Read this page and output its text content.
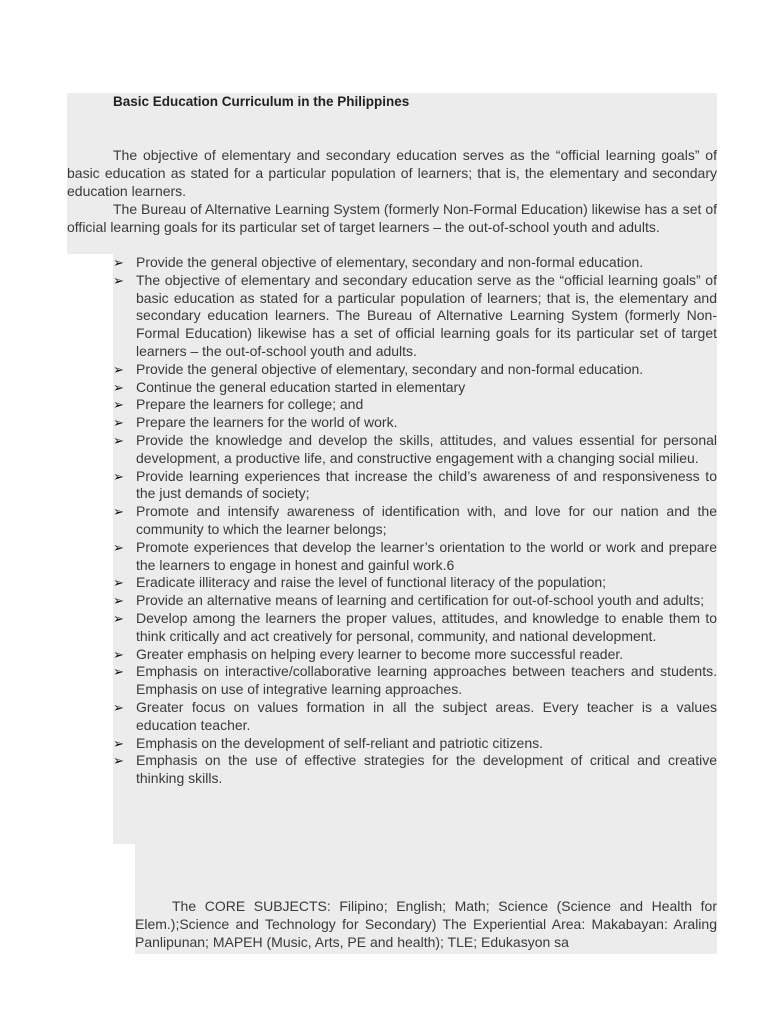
Basic Education Curriculum in the Philippines

The objective of elementary and secondary education serves as the “official learning goals” of basic education as stated for a particular population of learners; that is, the elementary and secondary education learners.

The Bureau of Alternative Learning System (formerly Non-Formal Education) likewise has a set of official learning goals for its particular set of target learners – the out-of-school youth and adults.

➢ Provide the general objective of elementary, secondary and non-formal education.
➢ The objective of elementary and secondary education serve as the “official learning goals” of basic education as stated for a particular population of learners; that is, the elementary and secondary education learners. The Bureau of Alternative Learning System (formerly Non-Formal Education) likewise has a set of official learning goals for its particular set of target learners – the out-of-school youth and adults.
➢ Provide the general objective of elementary, secondary and non-formal education.
➢ Continue the general education started in elementary
➢ Prepare the learners for college; and
➢ Prepare the learners for the world of work.
➢ Provide the knowledge and develop the skills, attitudes, and values essential for personal development, a productive life, and constructive engagement with a changing social milieu.
➢ Provide learning experiences that increase the child’s awareness of and responsiveness to the just demands of society;
➢ Promote and intensify awareness of identification with, and love for our nation and the community to which the learner belongs;
➢ Promote experiences that develop the learner’s orientation to the world or work and prepare the learners to engage in honest and gainful work.6
➢ Eradicate illiteracy and raise the level of functional literacy of the population;
➢ Provide an alternative means of learning and certification for out-of-school youth and adults;
➢ Develop among the learners the proper values, attitudes, and knowledge to enable them to think critically and act creatively for personal, community, and national development.
➢ Greater emphasis on helping every learner to become more successful reader.
➢ Emphasis on interactive/collaborative learning approaches between teachers and students. Emphasis on use of integrative learning approaches.
➢ Greater focus on values formation in all the subject areas. Every teacher is a values education teacher.
➢ Emphasis on the development of self-reliant and patriotic citizens.
➢ Emphasis on the use of effective strategies for the development of critical and creative thinking skills.

The CORE SUBJECTS: Filipino; English; Math; Science (Science and Health for Elem.);Science and Technology for Secondary) The Experiential Area: Makabayan: Araling Panlipunan; MAPEH (Music, Arts, PE and health); TLE; Edukasyon sa
